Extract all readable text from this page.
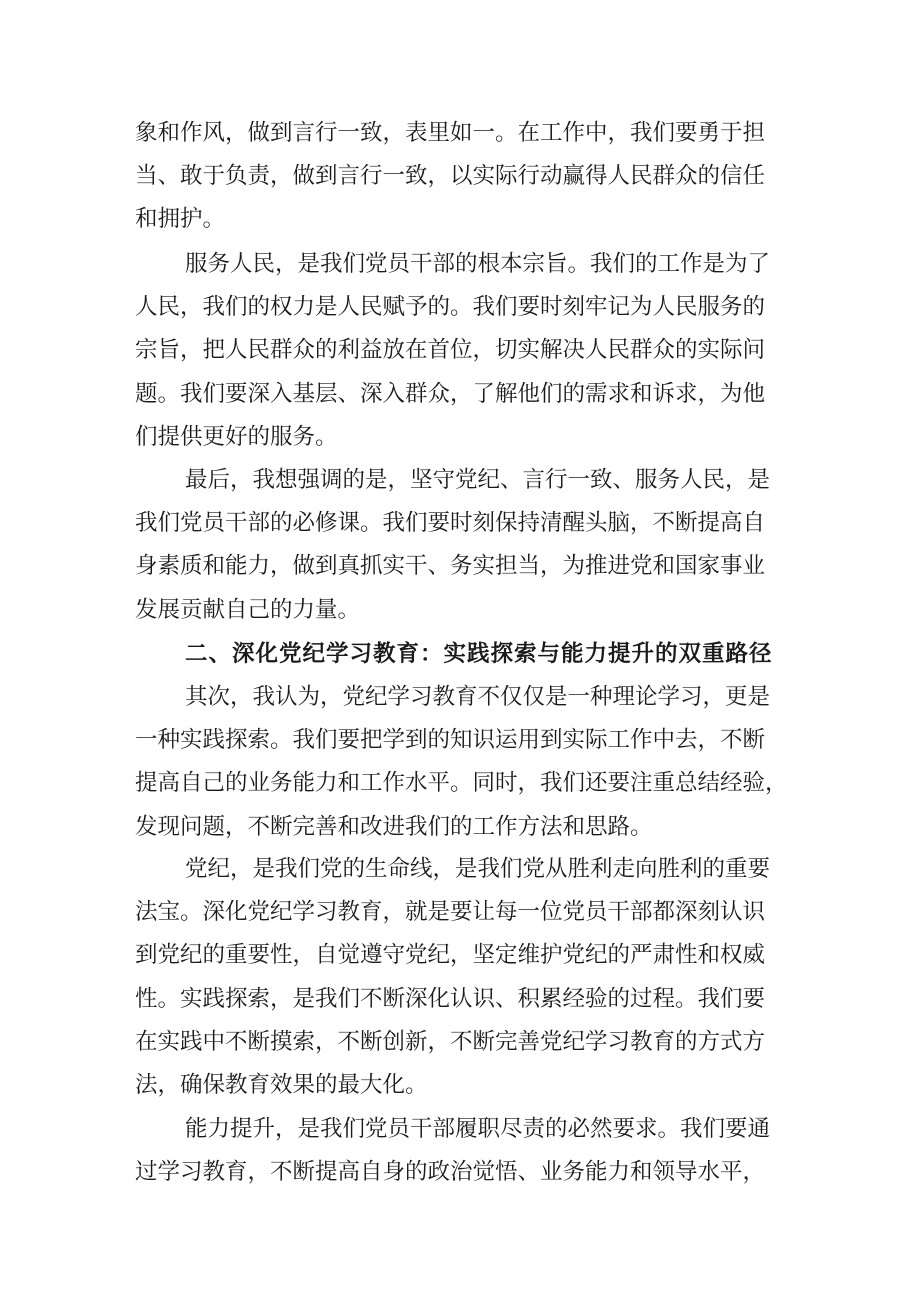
象和作风，做到言行一致，表里如一。在工作中，我们要勇于担
当、敢于负责，做到言行一致，以实际行动赢得人民群众的信任
和拥护。
服务人民，是我们党员干部的根本宗旨。我们的工作是为了
人民，我们的权力是人民赋予的。我们要时刻牢记为人民服务的
宗旨，把人民群众的利益放在首位，切实解决人民群众的实际问
题。我们要深入基层、深入群众，了解他们的需求和诉求，为他
们提供更好的服务。
最后，我想强调的是，坚守党纪、言行一致、服务人民，是
我们党员干部的必修课。我们要时刻保持清醒头脑，不断提高自
身素质和能力，做到真抓实干、务实担当，为推进党和国家事业
发展贡献自己的力量。
二、深化党纪学习教育：实践探索与能力提升的双重路径
其次，我认为，党纪学习教育不仅仅是一种理论学习，更是
一种实践探索。我们要把学到的知识运用到实际工作中去，不断
提高自己的业务能力和工作水平。同时，我们还要注重总结经验，
发现问题，不断完善和改进我们的工作方法和思路。
党纪，是我们党的生命线，是我们党从胜利走向胜利的重要
法宝。深化党纪学习教育，就是要让每一位党员干部都深刻认识
到党纪的重要性，自觉遵守党纪，坚定维护党纪的严肃性和权威
性。实践探索，是我们不断深化认识、积累经验的过程。我们要
在实践中不断摸索，不断创新，不断完善党纪学习教育的方式方
法，确保教育效果的最大化。
能力提升，是我们党员干部履职尽责的必然要求。我们要通
过学习教育，不断提高自身的政治觉悟、业务能力和领导水平，
